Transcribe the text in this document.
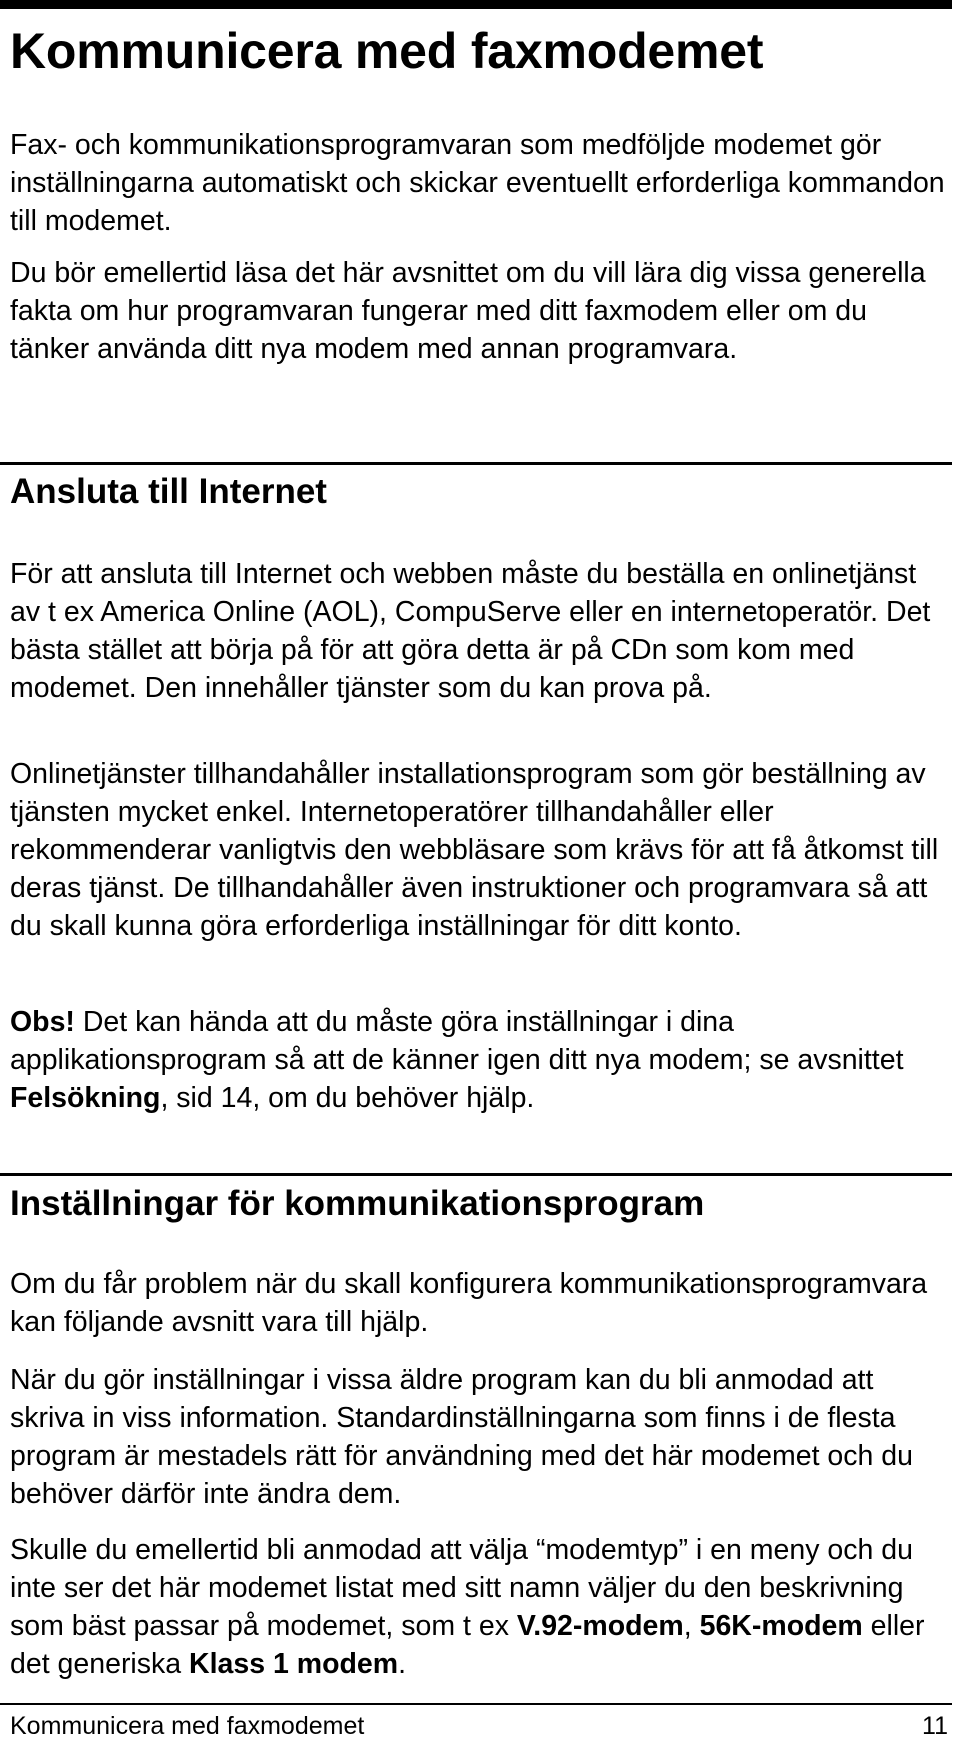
Kommunicera med faxmodemet

Fax- och kommunikationsprogramvaran som medföljde modemet gör inställningarna automatiskt och skickar eventuellt erforderliga kommandon till modemet.

Du bör emellertid läsa det här avsnittet om du vill lära dig vissa generella fakta om hur programvaran fungerar med ditt faxmodem eller om du tänker använda ditt nya modem med annan programvara.

Ansluta till Internet

För att ansluta till Internet och webben måste du beställa en onlinetjänst av t ex America Online (AOL), CompuServe eller en internetoperatör. Det bästa stället att börja på för att göra detta är på CDn som kom med modemet. Den innehåller tjänster som du kan prova på.

Onlinetjänster tillhandahåller installationsprogram som gör beställning av tjänsten mycket enkel. Internetoperatörer tillhandahåller eller rekommenderar vanligtvis den webbläsare som krävs för att få åtkomst till deras tjänst. De tillhandahåller även instruktioner och programvara så att du skall kunna göra erforderliga inställningar för ditt konto.

Obs! Det kan hända att du måste göra inställningar i dina applikationsprogram så att de känner igen ditt nya modem; se avsnittet Felsökning, sid 14, om du behöver hjälp.

Inställningar för kommunikationsprogram

Om du får problem när du skall konfigurera kommunikationsprogramvara kan följande avsnitt vara till hjälp.

När du gör inställningar i vissa äldre program kan du bli anmodad att skriva in viss information. Standardinställningarna som finns i de flesta program är mestadels rätt för användning med det här modemet och du behöver därför inte ändra dem.

Skulle du emellertid bli anmodad att välja “modemtyp” i en meny och du inte ser det här modemet listat med sitt namn väljer du den beskrivning som bäst passar på modemet, som t ex V.92-modem, 56K-modem eller det generiska Klass 1 modem.

Kommunicera med faxmodemet	11
